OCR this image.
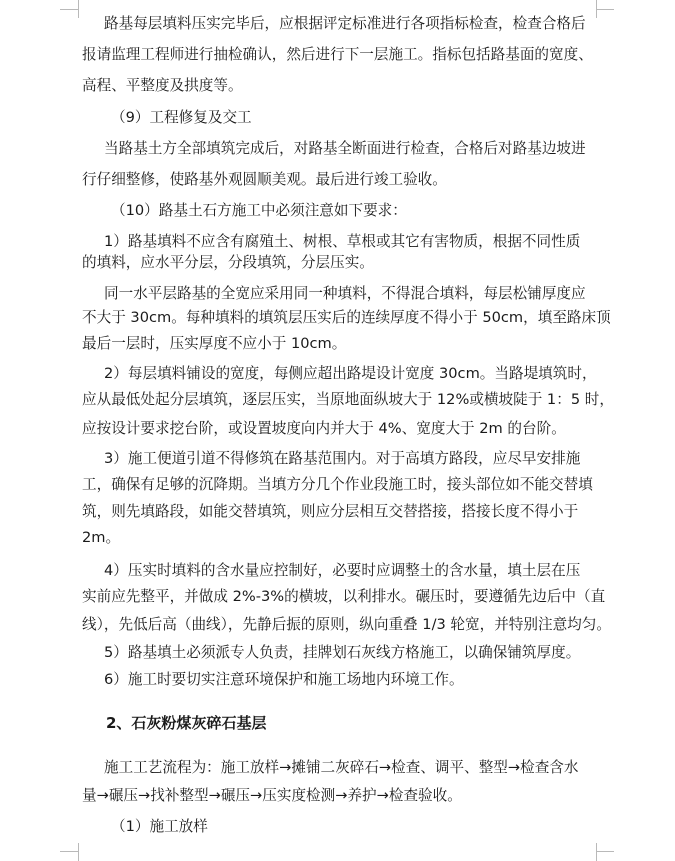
路基每层填料压实完毕后，应根据评定标准进行各项指标检查，检查合格后
报请监理工程师进行抽检确认，然后进行下一层施工。指标包括路基面的宽度、
高程、平整度及拱度等。
（9）工程修复及交工
当路基土方全部填筑完成后，对路基全断面进行检查，合格后对路基边坡进
行仔细整修，使路基外观圆顺美观。最后进行竣工验收。
（10）路基土石方施工中必须注意如下要求：
1）路基填料不应含有腐殖土、树根、草根或其它有害物质，根据不同性质
的填料，应水平分层，分段填筑，分层压实。
同一水平层路基的全宽应采用同一种填料，不得混合填料，每层松铺厚度应
不大于 30cm。每种填料的填筑层压实后的连续厚度不得小于 50cm，填至路床顶
最后一层时，压实厚度不应小于 10cm。
2）每层填料铺设的宽度，每侧应超出路堤设计宽度 30cm。当路堤填筑时，
应从最低处起分层填筑，逐层压实，当原地面纵坡大于 12%或横坡陡于 1：5 时，
应按设计要求挖台阶，或设置坡度向内并大于 4%、宽度大于 2m 的台阶。
3）施工便道引道不得修筑在路基范围内。对于高填方路段，应尽早安排施
工，确保有足够的沉降期。当填方分几个作业段施工时，接头部位如不能交替填
筑，则先填路段，如能交替填筑，则应分层相互交替搭接，搭接长度不得小于
2m。
4）压实时填料的含水量应控制好，必要时应调整土的含水量，填土层在压
实前应先整平，并做成 2%-3%的横坡，以利排水。碾压时，要遵循先边后中（直
线），先低后高（曲线），先静后振的原则，纵向重叠 1/3 轮宽，并特别注意均匀。
5）路基填土必须派专人负责，挂牌划石灰线方格施工，以确保铺筑厚度。
6）施工时要切实注意环境保护和施工场地内环境工作。
2、石灰粉煤灰碎石基层
施工工艺流程为：施工放样→摊铺二灰碎石→检查、调平、整型→检查含水
量→碾压→找补整型→碾压→压实度检测→养护→检查验收。
（1）施工放样
